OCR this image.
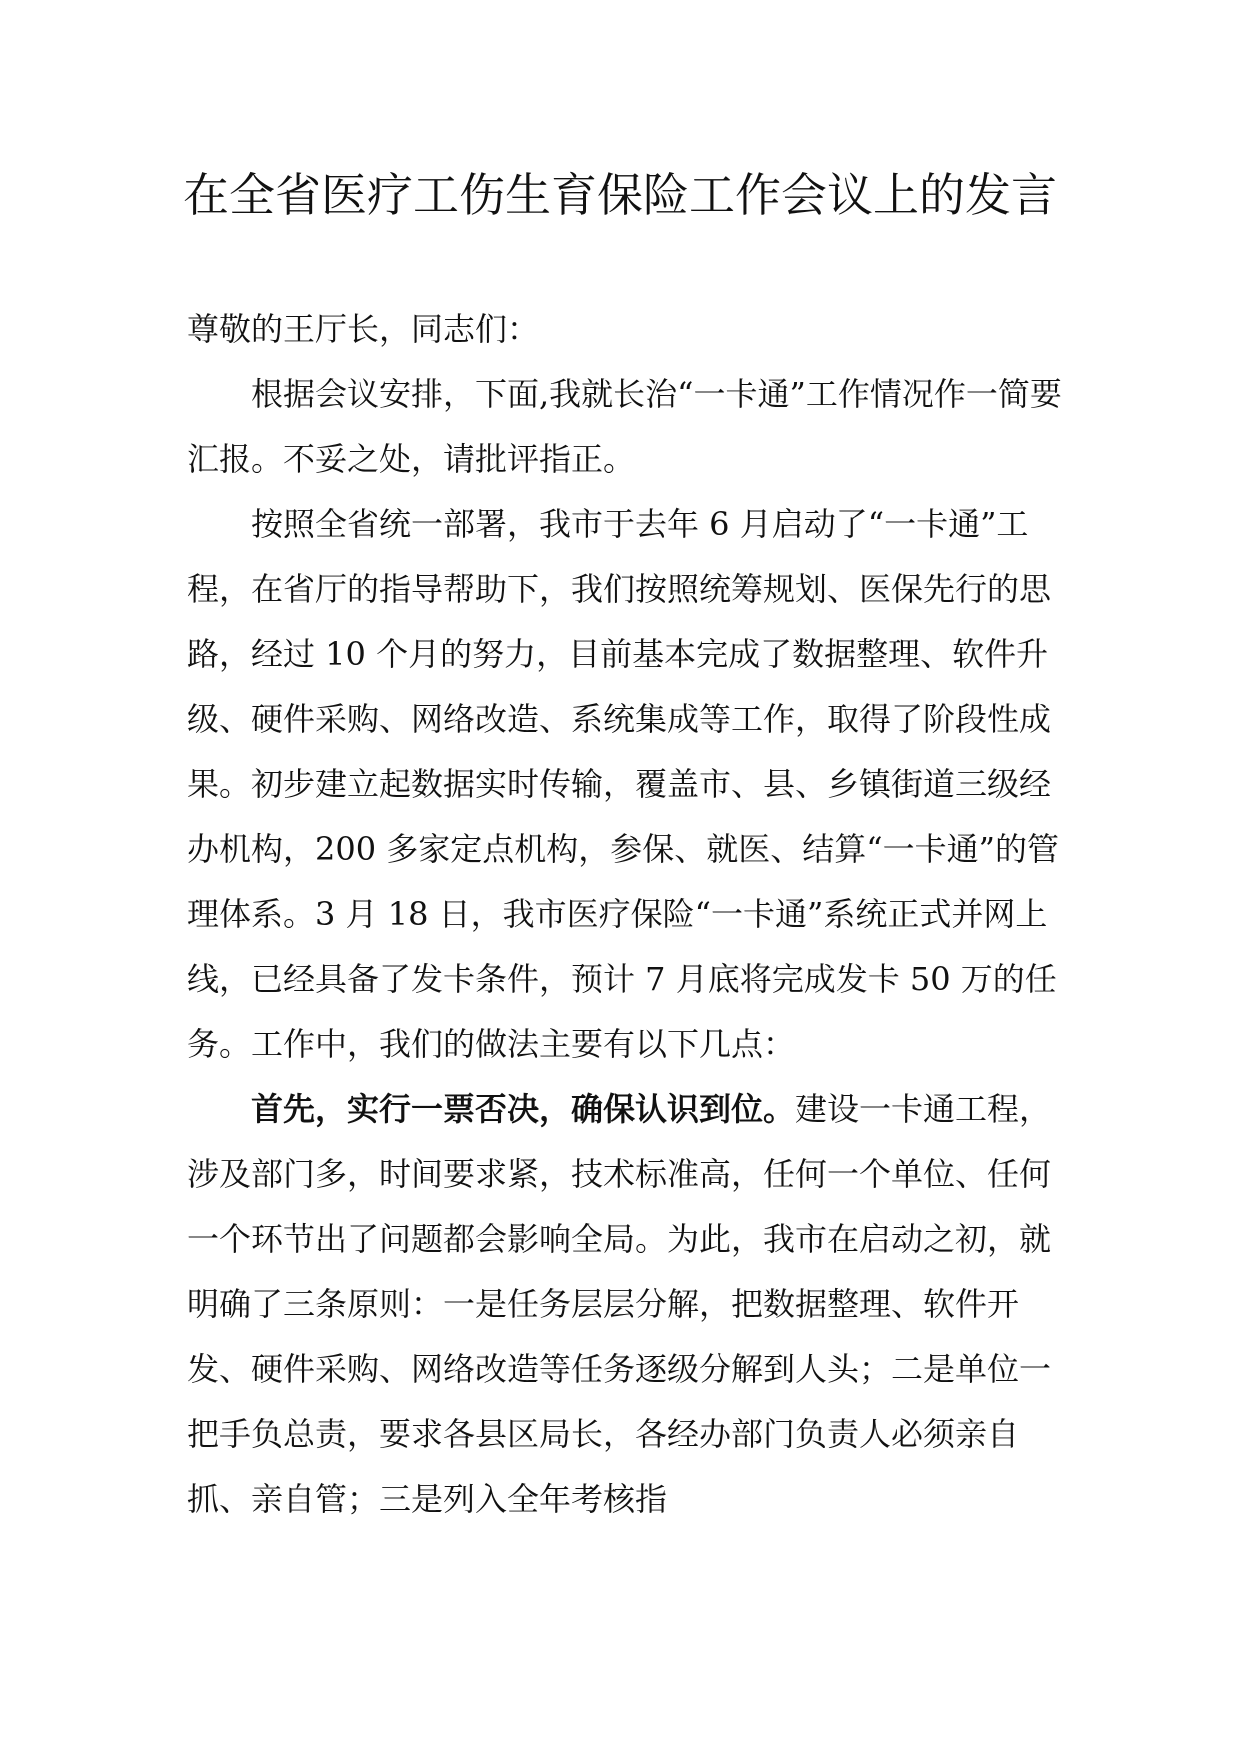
在全省医疗工伤生育保险工作会议上的发言

尊敬的王厅长，同志们：

根据会议安排，下面,我就长治“一卡通”工作情况作一简要汇报。不妥之处，请批评指正。

按照全省统一部署，我市于去年 6 月启动了“一卡通”工程，在省厅的指导帮助下，我们按照统筹规划、医保先行的思路，经过 10 个月的努力，目前基本完成了数据整理、软件升级、硬件采购、网络改造、系统集成等工作，取得了阶段性成果。初步建立起数据实时传输，覆盖市、县、乡镇街道三级经办机构，200 多家定点机构，参保、就医、结算“一卡通”的管理体系。3 月 18 日，我市医疗保险“一卡通”系统正式并网上线，已经具备了发卡条件，预计 7 月底将完成发卡 50 万的任务。工作中，我们的做法主要有以下几点：

首先，实行一票否决，确保认识到位。建设一卡通工程，涉及部门多，时间要求紧，技术标准高，任何一个单位、任何一个环节出了问题都会影响全局。为此，我市在启动之初，就明确了三条原则：一是任务层层分解，把数据整理、软件开发、硬件采购、网络改造等任务逐级分解到人头；二是单位一把手负总责，要求各县区局长，各经办部门负责人必须亲自抓、亲自管；三是列入全年考核指
